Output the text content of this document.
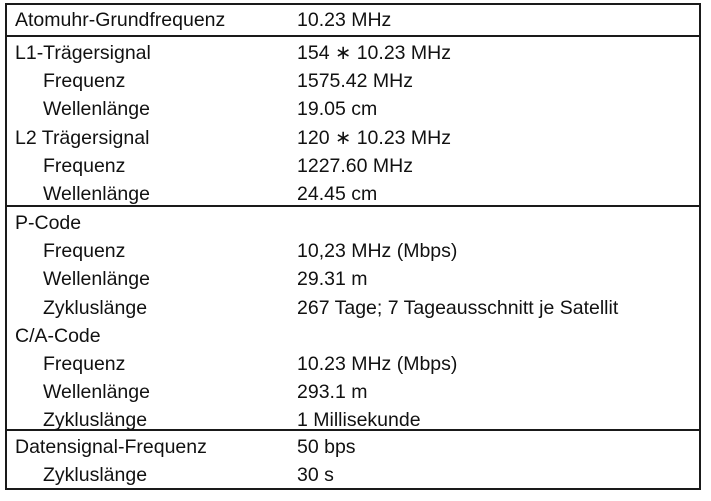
Atomuhr-Grundfrequenz	10.23 MHz
L1-Trägersignal	154 ∗ 10.23 MHz
Frequenz	1575.42 MHz
Wellenlänge	19.05 cm
L2 Trägersignal	120 ∗ 10.23 MHz
Frequenz	1227.60 MHz
Wellenlänge	24.45 cm
P-Code
Frequenz	10,23 MHz (Mbps)
Wellenlänge	29.31 m
Zykluslänge	267 Tage; 7 Tageausschnitt je Satellit
C/A-Code
Frequenz	10.23 MHz (Mbps)
Wellenlänge	293.1 m
Zykluslänge	1 Millisekunde
Datensignal-Frequenz	50 bps
Zykluslänge	30 s
